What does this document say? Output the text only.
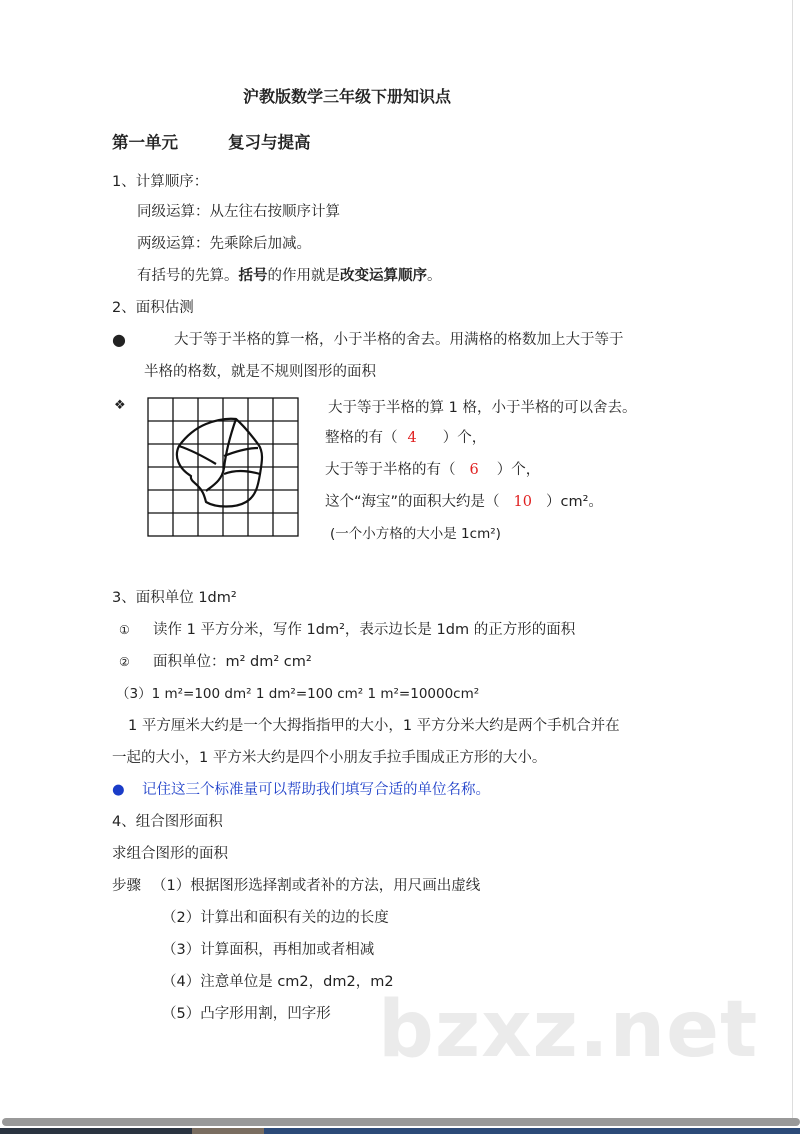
bzxz.net
沪教版数学三年级下册知识点
第一单元	复习与提高
1、计算顺序：
同级运算：从左往右按顺序计算
两级运算：先乘除后加减。
有括号的先算。括号的作用就是改变运算顺序。
2、面积估测
●	大于等于半格的算一格，小于半格的舍去。用满格的格数加上大于等于
半格的格数，就是不规则图形的面积
❖	大于等于半格的算 1 格，小于半格的可以舍去。
整格的有（ 4 ）个，
大于等于半格的有（ 6 ）个，
这个“海宝”的面积大约是（ 10 ）cm²。
(一个小方格的大小是 1cm²)
3、面积单位 1dm²
① 读作 1 平方分米，写作 1dm²，表示边长是 1dm 的正方形的面积
② 面积单位：m² dm² cm²
（3）1 m²=100 dm² 1 dm²=100 cm² 1 m²=10000cm²
1 平方厘米大约是一个大拇指指甲的大小，1 平方分米大约是两个手机合并在
一起的大小，1 平方米大约是四个小朋友手拉手围成正方形的大小。
● 记住这三个标准量可以帮助我们填写合适的单位名称。
4、组合图形面积
求组合图形的面积
步骤 （1）根据图形选择割或者补的方法，用尺画出虚线
（2）计算出和面积有关的边的长度
（3）计算面积，再相加或者相减
（4）注意单位是 cm2，dm2，m2
（5）凸字形用割，凹字形
